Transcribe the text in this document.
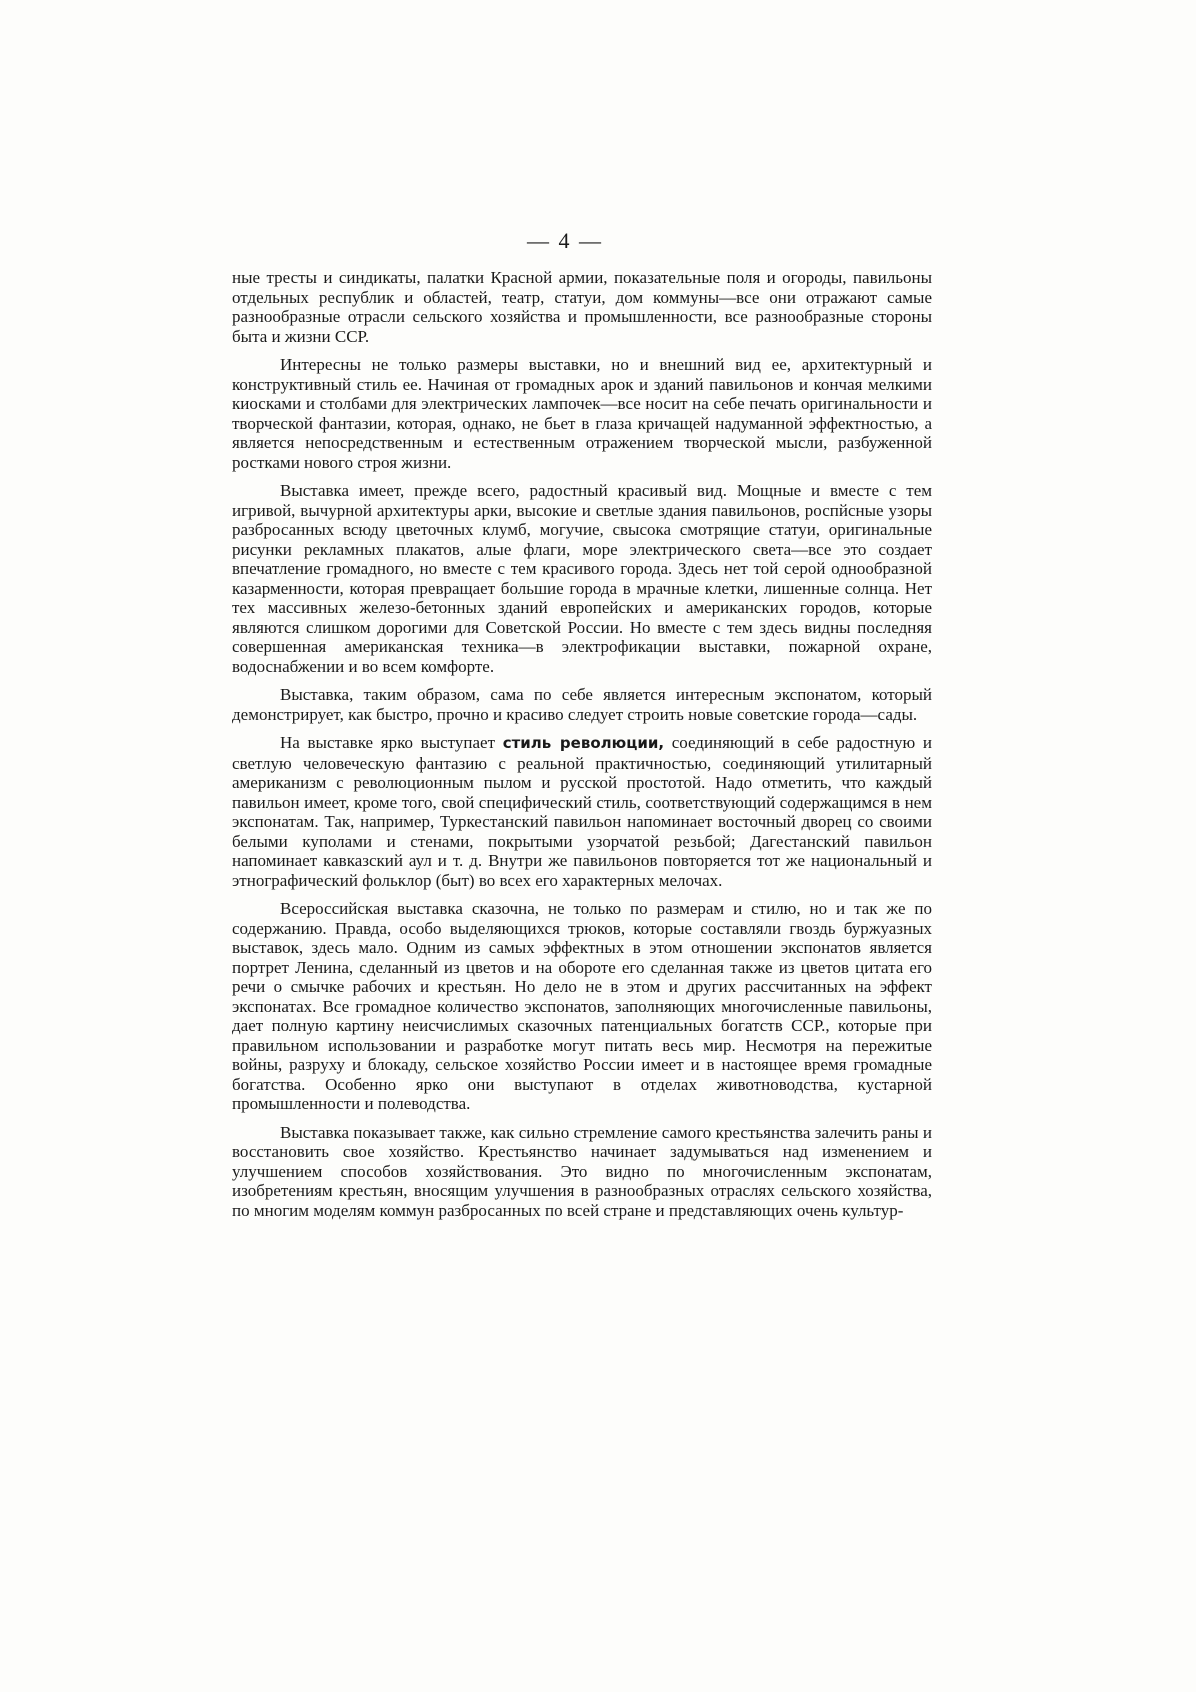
— 4 —

ные тресты и синдикаты, палатки Красной армии, показательные поля и огороды, павильоны отдельных республик и областей, театр, статуи, дом коммуны—все они отражают самые разнообразные отрасли сельского хозяйства и промышленности, все разнообразные стороны быта и жизни ССР.

Интересны не только размеры выставки, но и внешний вид ее, архитектурный и конструктивный стиль ее. Начиная от громадных арок и зданий павильонов и кончая мелкими киосками и столбами для электрических лампочек—все носит на себе печать оригинальности и творческой фантазии, которая, однако, не бьет в глаза кричащей надуманной эффектностью, а является непосредственным и естественным отражением творческой мысли, разбуженной ростками нового строя жизни.

Выставка имеет, прежде всего, радостный красивый вид. Мощные и вместе с тем игривой, вычурной архитектуры арки, высокие и светлые здания павильонов, роспйсные узоры разбросанных всюду цветочных клумб, могучие, свысока смотрящие статуи, оригинальные рисунки рекламных плакатов, алые флаги, море электрического света—все это создает впечатление громадного, но вместе с тем красивого города. Здесь нет той серой однообразной казарменности, которая превращает большие города в мрачные клетки, лишенные солнца. Нет тех массивных железо-бетонных зданий европейских и американских городов, которые являются слишком дорогими для Советской России. Но вместе с тем здесь видны последняя совершенная американская техника—в электрофикации выставки, пожарной охране, водоснабжении и во всем комфорте.

Выставка, таким образом, сама по себе является интересным экспонатом, который демонстрирует, как быстро, прочно и красиво следует строить новые советские города—сады.

На выставке ярко выступает стиль революции, соединяющий в себе радостную и светлую человеческую фантазию с реальной практичностью, соединяющий утилитарный американизм с революционным пылом и русской простотой. Надо отметить, что каждый павильон имеет, кроме того, свой специфический стиль, соответствующий содержащимся в нем экспонатам. Так, например, Туркестанский павильон напоминает восточный дворец со своими белыми куполами и стенами, покрытыми узорчатой резьбой; Дагестанский павильон напоминает кавказский аул и т. д. Внутри же павильонов повторяется тот же национальный и этнографический фольклор (быт) во всех его характерных мелочах.

Всероссийская выставка сказочна, не только по размерам и стилю, но и так же по содержанию. Правда, особо выделяющихся трюков, которые составляли гвоздь буржуазных выставок, здесь мало. Одним из самых эффектных в этом отношении экспонатов является портрет Ленина, сделанный из цветов и на обороте его сделанная также из цветов цитата его речи о смычке рабочих и крестьян. Но дело не в этом и других рассчитанных на эффект экспонатах. Все громадное количество экспонатов, заполняющих многочисленные павильоны, дает полную картину неисчислимых сказочных патенциальных богатств ССР., которые при правильном использовании и разработке могут питать весь мир. Несмотря на пережитые войны, разруху и блокаду, сельское хозяйство России имеет и в настоящее время громадные богатства. Особенно ярко они выступают в отделах животноводства, кустарной промышленности и полеводства.

Выставка показывает также, как сильно стремление самого крестьянства залечить раны и восстановить свое хозяйство. Крестьянство начинает задумываться над изменением и улучшением способов хозяйствования. Это видно по многочисленным экспонатам, изобретениям крестьян, вносящим улучшения в разнообразных отраслях сельского хозяйства, по многим моделям коммун разбросанных по всей стране и представляющих очень культур-
